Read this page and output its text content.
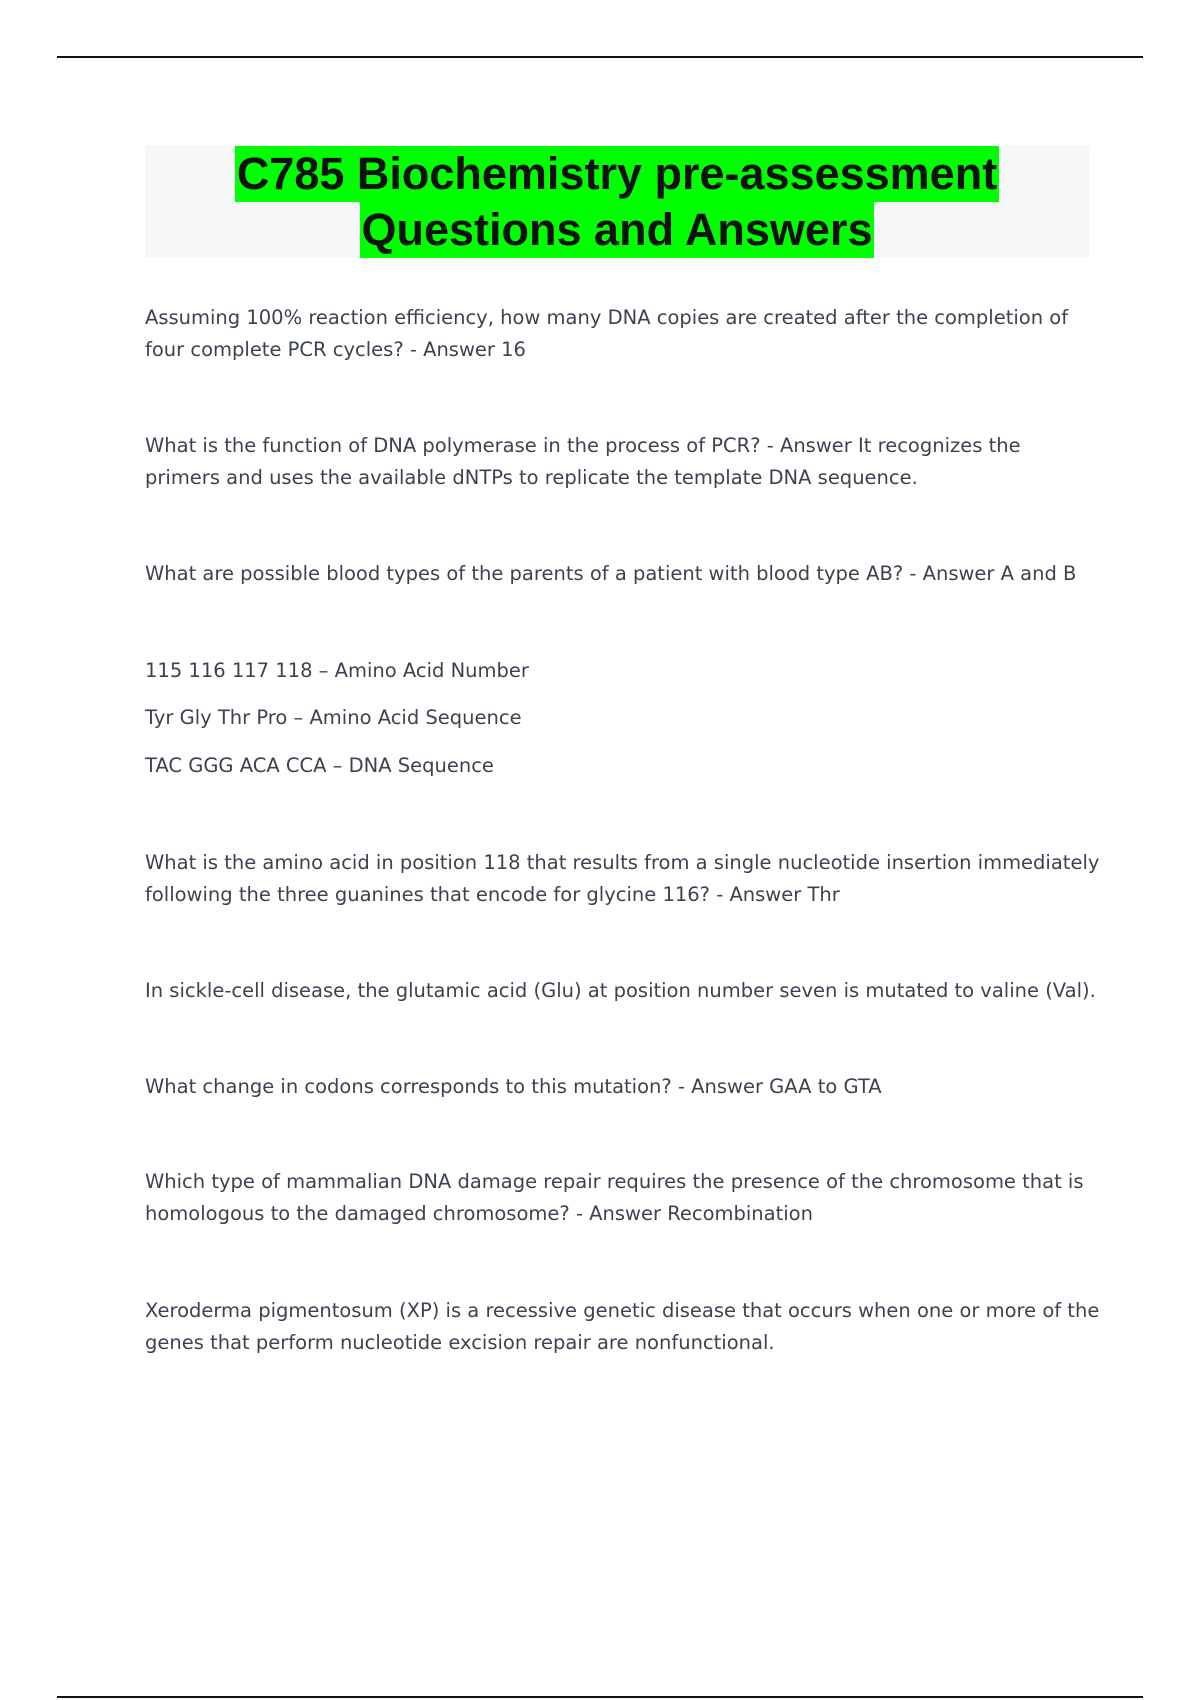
C785 Biochemistry pre-assessment
Questions and Answers

Assuming 100% reaction efficiency, how many DNA copies are created after the completion of four complete PCR cycles? - Answer 16

What is the function of DNA polymerase in the process of PCR? - Answer It recognizes the primers and uses the available dNTPs to replicate the template DNA sequence.

What are possible blood types of the parents of a patient with blood type AB? - Answer A and B

115 116 117 118 – Amino Acid Number

Tyr Gly Thr Pro – Amino Acid Sequence

TAC GGG ACA CCA – DNA Sequence

What is the amino acid in position 118 that results from a single nucleotide insertion immediately following the three guanines that encode for glycine 116? - Answer Thr

In sickle-cell disease, the glutamic acid (Glu) at position number seven is mutated to valine (Val).

What change in codons corresponds to this mutation? - Answer GAA to GTA

Which type of mammalian DNA damage repair requires the presence of the chromosome that is homologous to the damaged chromosome? - Answer Recombination

Xeroderma pigmentosum (XP) is a recessive genetic disease that occurs when one or more of the genes that perform nucleotide excision repair are nonfunctional.
